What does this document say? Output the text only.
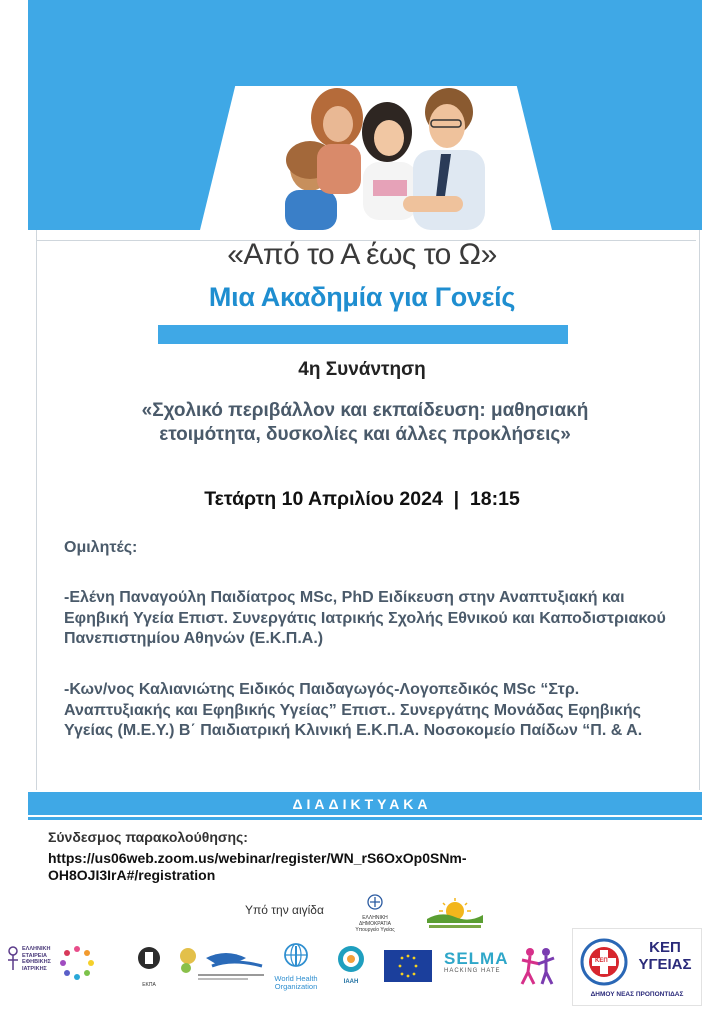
«Από το Α έως το Ω»
Μια Ακαδημία για Γονείς
4η Συνάντηση
«Σχολικό περιβάλλον και εκπαίδευση: μαθησιακή
ετοιμότητα, δυσκολίες και άλλες προκλήσεις»
Τετάρτη 10 Απριλίου 2024  |  18:15
Ομιλητές:
-Ελένη Παναγούλη Παιδίατρος MSc, PhD Ειδίκευση στην Αναπτυξιακή και Εφηβική Υγεία Επιστ. Συνεργάτις Ιατρικής Σχολής Εθνικού και Καποδιστριακού Πανεπιστημίου Αθηνών (Ε.Κ.Π.Α.)
-Κων/νος Καλιανιώτης Ειδικός Παιδαγωγός-Λογοπεδικός MSc “Στρ. Αναπτυξιακής και Εφηβικής Υγείας” Επιστ.. Συνεργάτης Μονάδας Εφηβικής Υγείας (Μ.Ε.Υ.) Β΄ Παιδιατρική Κλινική Ε.Κ.Π.Α. Νοσοκομείο Παίδων “Π. & Α.
ΔΙΑΔΙΚΤΥΑΚΑ
Σύνδεσμος παρακολούθησης:
https://us06web.zoom.us/webinar/register/WN_rS6OxOp0SNm-
OH8OJI3IrA#/registration
Υπό την αιγίδα
ΕΛΛΗΝΙΚΗ ΔΗΜΟΚΡΑΤΙΑ
Υπουργείο Υγείας
ΕΛΛΗΝΙΚΗ
ΕΤΑΙΡΕΙΑ
ΕΦΗΒΙΚΗΣ
ΙΑΤΡΙΚΗΣ
ΕΚΠΑ
World Health
Organization	IAAH
SELMA
HACKING HATE
ΚΕΠ
ΚΕΠ
ΥΓΕΙΑΣ
ΔΗΜΟΥ ΝΕΑΣ ΠΡΟΠΟΝΤΙΔΑΣ
